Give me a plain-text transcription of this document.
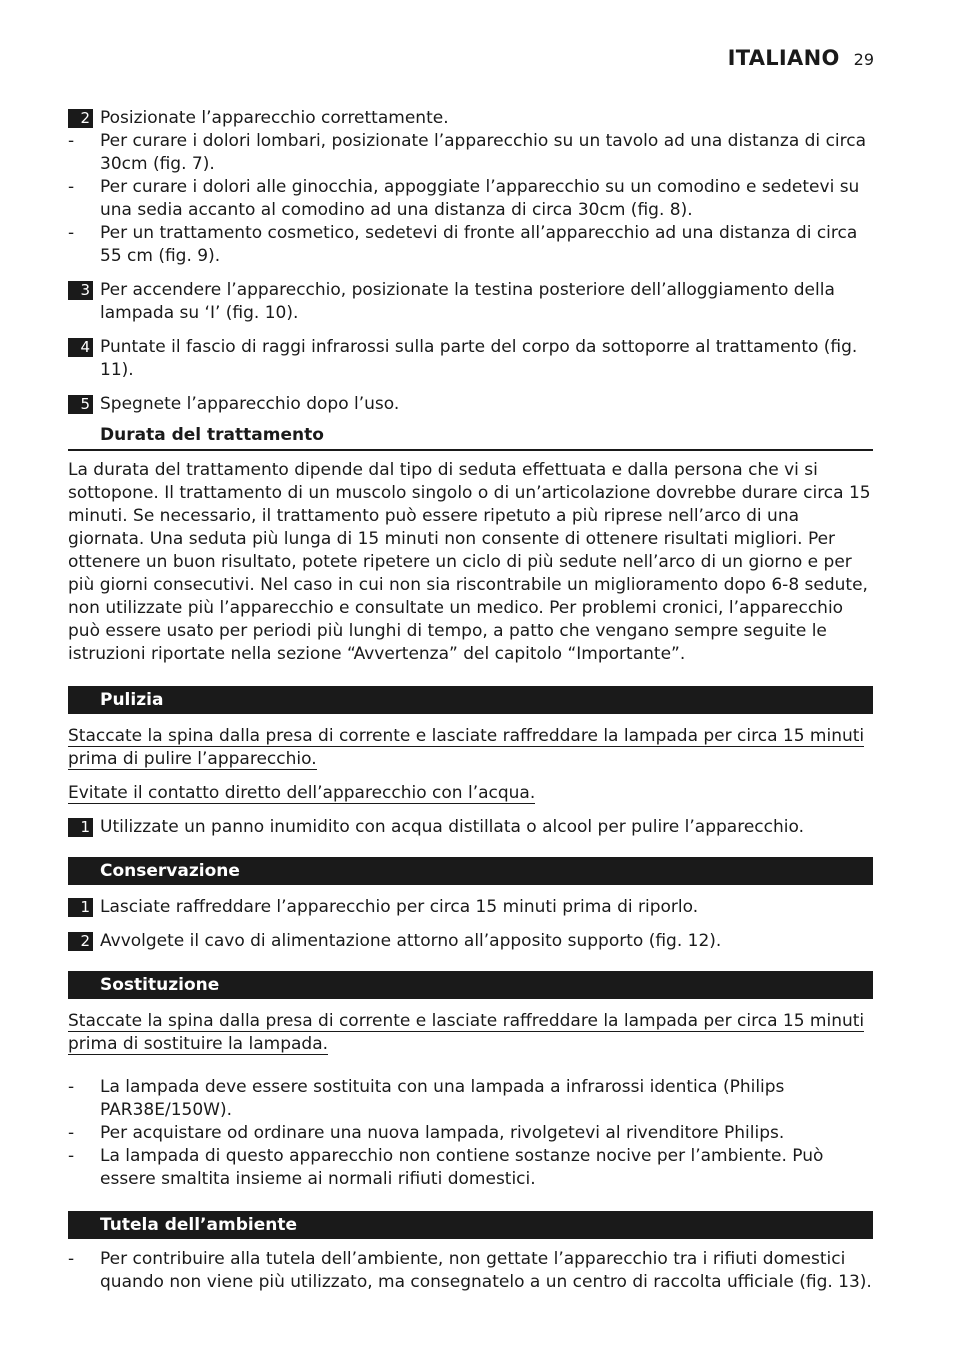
ITALIANO 29
2 Posizionate l’apparecchio correttamente.
-	Per curare i dolori lombari, posizionate l’apparecchio su un tavolo ad una distanza di circa 30cm (fig. 7).
-	Per curare i dolori alle ginocchia, appoggiate l’apparecchio su un comodino e sedetevi su una sedia accanto al comodino ad una distanza di circa 30cm (fig. 8).
-	Per un trattamento cosmetico, sedetevi di fronte all’apparecchio ad una distanza di circa 55 cm (fig. 9).
3 Per accendere l’apparecchio, posizionate la testina posteriore dell’alloggiamento della lampada su ‘I’ (fig. 10).
4 Puntate il fascio di raggi infrarossi sulla parte del corpo da sottoporre al trattamento (fig. 11).
5 Spegnete l’apparecchio dopo l’uso.
Durata del trattamento
La durata del trattamento dipende dal tipo di seduta effettuata e dalla persona che vi si sottopone. Il trattamento di un muscolo singolo o di un’articolazione dovrebbe durare circa 15 minuti. Se necessario, il trattamento può essere ripetuto a più riprese nell’arco di una giornata. Una seduta più lunga di 15 minuti non consente di ottenere risultati migliori. Per ottenere un buon risultato, potete ripetere un ciclo di più sedute nell’arco di un giorno e per più giorni consecutivi. Nel caso in cui non sia riscontrabile un miglioramento dopo 6-8 sedute, non utilizzate più l’apparecchio e consultate un medico. Per problemi cronici, l’apparecchio può essere usato per periodi più lunghi di tempo, a patto che vengano sempre seguite le istruzioni riportate nella sezione “Avvertenza” del capitolo “Importante”.
Pulizia
Staccate la spina dalla presa di corrente e lasciate raffreddare la lampada per circa 15 minuti prima di pulire l’apparecchio.
Evitate il contatto diretto dell’apparecchio con l’acqua.
1 Utilizzate un panno inumidito con acqua distillata o alcool per pulire l’apparecchio.
Conservazione
1 Lasciate raffreddare l’apparecchio per circa 15 minuti prima di riporlo.
2 Avvolgete il cavo di alimentazione attorno all’apposito supporto (fig. 12).
Sostituzione
Staccate la spina dalla presa di corrente e lasciate raffreddare la lampada per circa 15 minuti prima di sostituire la lampada.
-	La lampada deve essere sostituita con una lampada a infrarossi identica (Philips PAR38E/150W).
-	Per acquistare od ordinare una nuova lampada, rivolgetevi al rivenditore Philips.
-	La lampada di questo apparecchio non contiene sostanze nocive per l’ambiente. Può essere smaltita insieme ai normali rifiuti domestici.
Tutela dell’ambiente
-	Per contribuire alla tutela dell’ambiente, non gettate l’apparecchio tra i rifiuti domestici quando non viene più utilizzato, ma consegnatelo a un centro di raccolta ufficiale (fig. 13).
